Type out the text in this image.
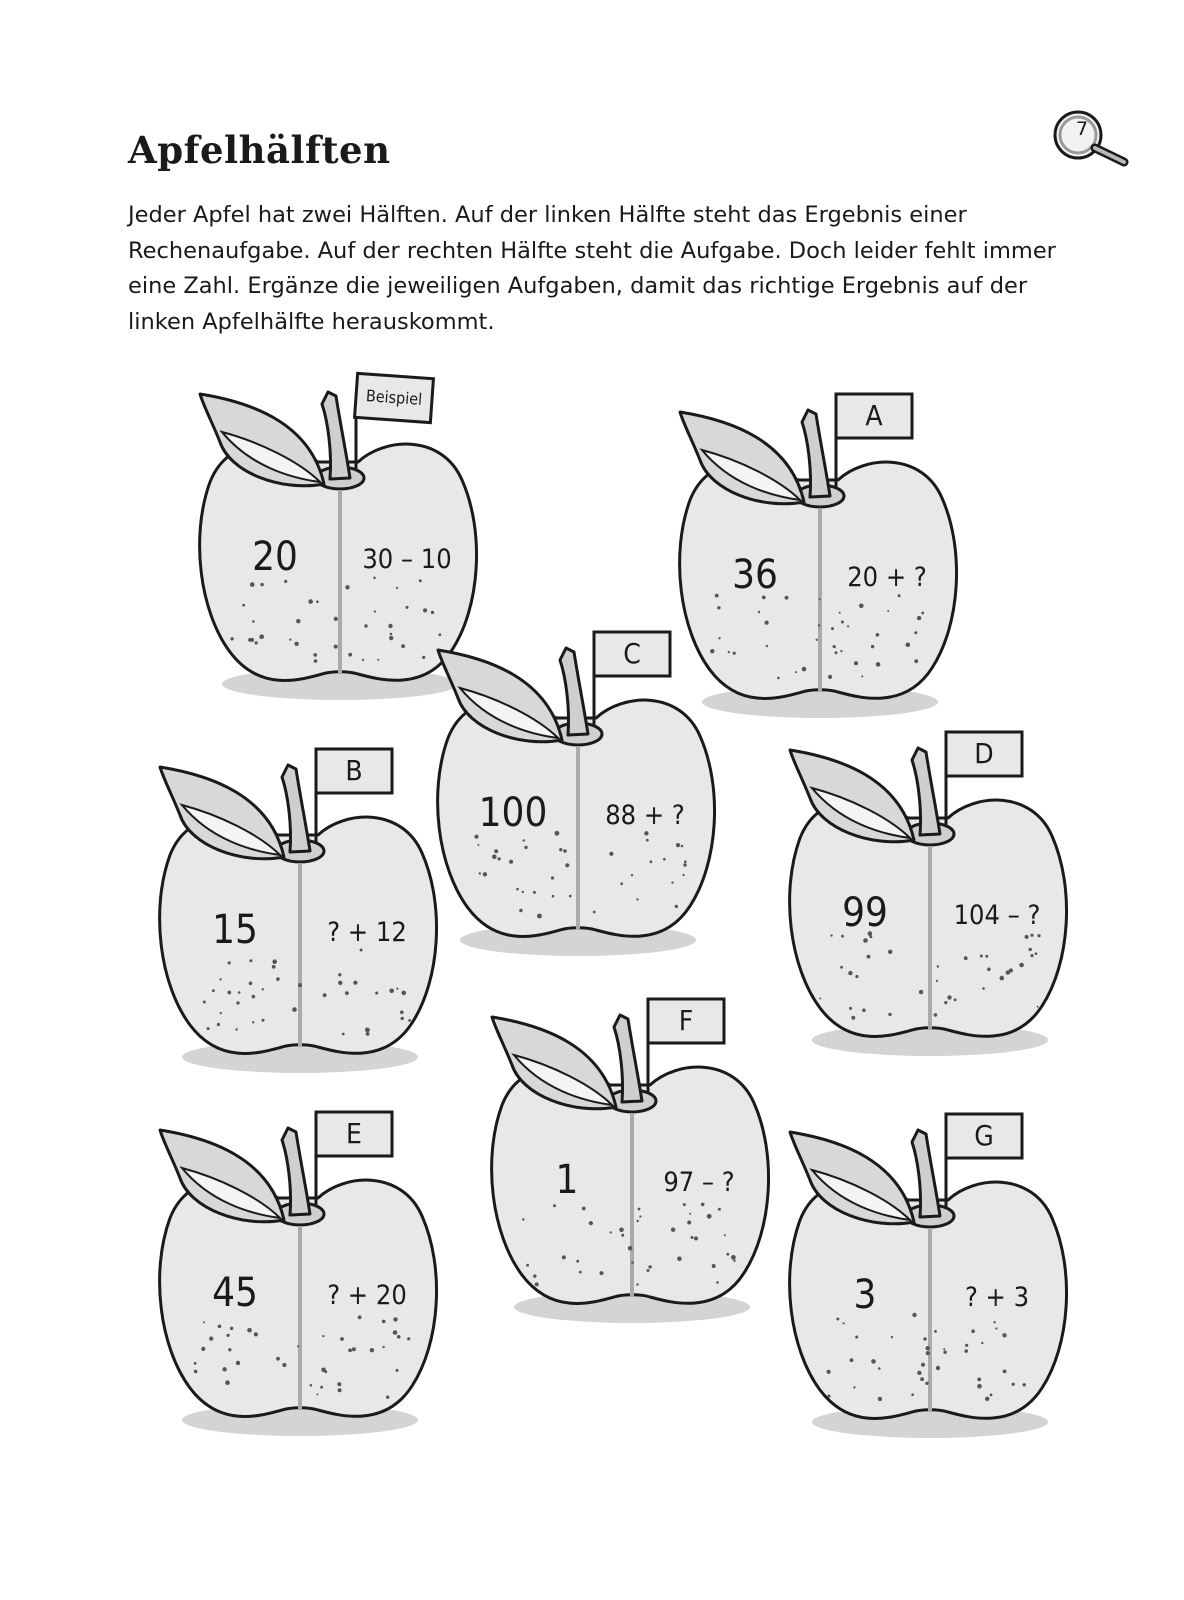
Apfelhälften

Jeder Apfel hat zwei Hälften. Auf der linken Hälfte steht das Ergebnis einer Rechenaufgabe. Auf der rechten Hälfte steht die Aufgabe. Doch leider fehlt immer eine Zahl. Ergänze die jeweiligen Aufgaben, damit das richtige Ergebnis auf der linken Apfelhälfte herauskommt.

7
Beispiel
20	30 – 10
A
36	20 + ?
C
100	88 + ?
B
15	? + 12
D
99	104 – ?
F
1	97 – ?
E
45	? + 20
G
3	? + 3
